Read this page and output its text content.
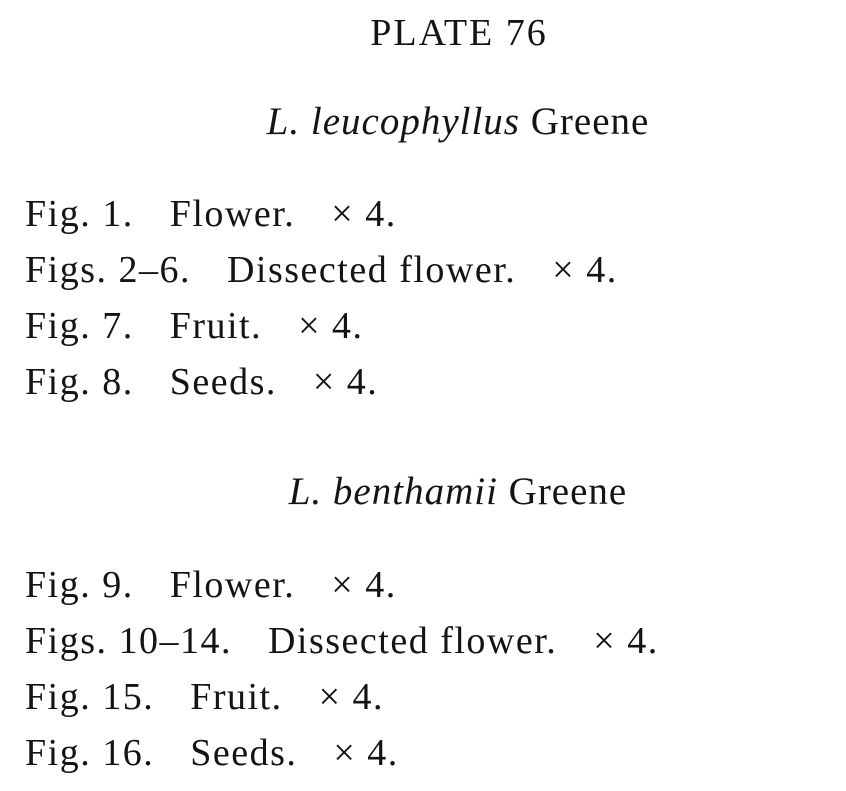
PLATE 76
L. leucophyllus Greene
Fig. 1. Flower. × 4.
Figs. 2–6. Dissected flower. × 4.
Fig. 7. Fruit. × 4.
Fig. 8. Seeds. × 4.
L. benthamii Greene
Fig. 9. Flower. × 4.
Figs. 10–14. Dissected flower. × 4.
Fig. 15. Fruit. × 4.
Fig. 16. Seeds. × 4.
